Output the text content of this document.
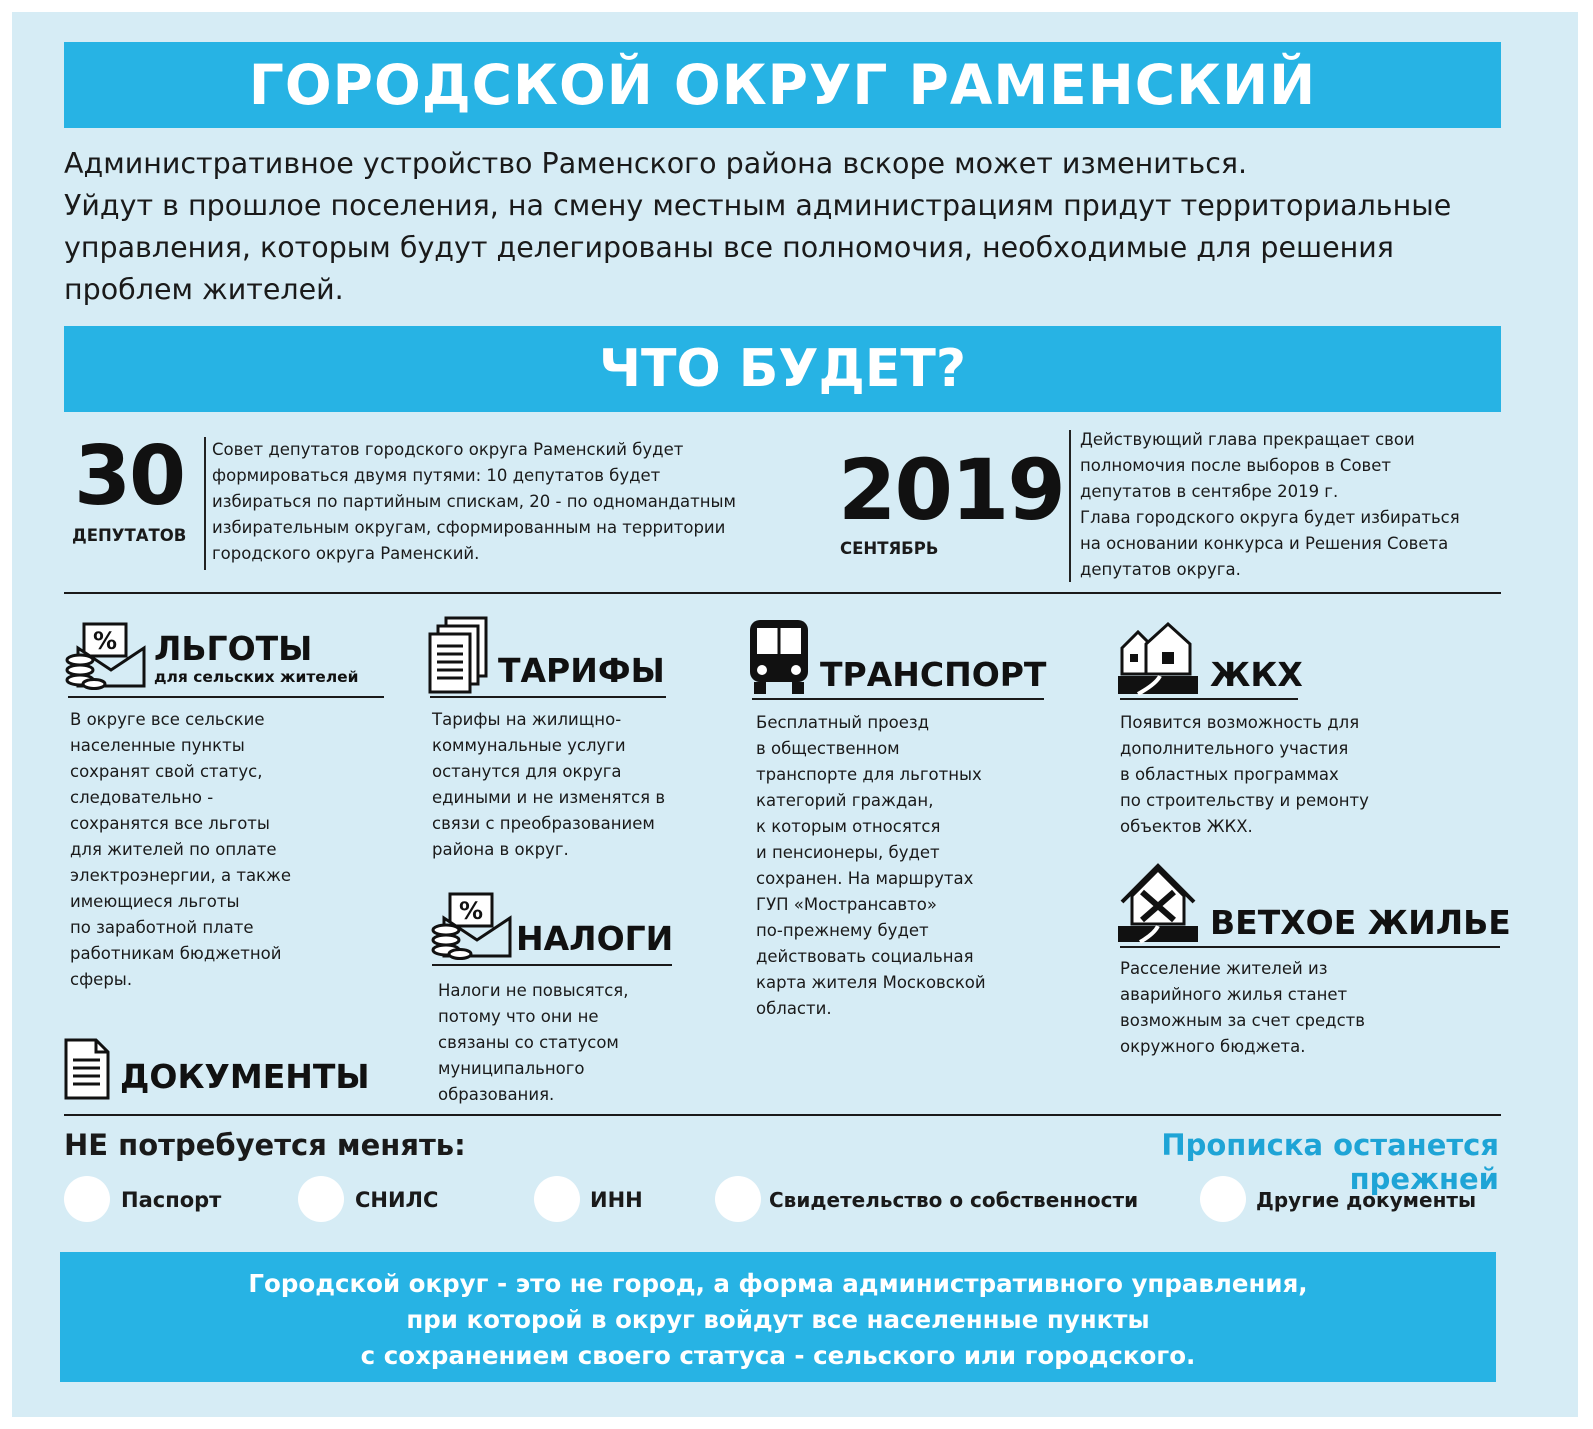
ГОРОДСКОЙ ОКРУГ РАМЕНСКИЙ
Административное устройство Раменского района вскоре может измениться.
Уйдут в прошлое поселения, на смену местным администрациям придут территориальные
управления, которым будут делегированы все полномочия, необходимые для решения
проблем жителей.
ЧТО БУДЕТ?
30
ДЕПУТАТОВ
Совет депутатов городского округа Раменский будет
формироваться двумя путями: 10 депутатов будет
избираться по партийным спискам, 20 - по одномандатным
избирательным округам, сформированным на территории
городского округа Раменский.
2019
СЕНТЯБРЬ
Действующий глава прекращает свои
полномочия после выборов в Совет
депутатов в сентябре 2019 г.
Глава городского округа будет избираться
на основании конкурса и Решения Совета
депутатов округа.
% ЛЬГОТЫ
для сельских жителей
В округе все сельские
населенные пункты
сохранят свой статус,
следовательно -
сохранятся все льготы
для жителей по оплате
электроэнергии, а также
имеющиеся льготы
по заработной плате
работникам бюджетной
сферы.
ТАРИФЫ
Тарифы на жилищно-
коммунальные услуги
останутся для округа
едиными и не изменятся в
связи с преобразованием
района в округ.
%
НАЛОГИ
Налоги не повысятся,
потому что они не
связаны со статусом
муниципального
образования.
ТРАНСПОРТ
Бесплатный проезд
в общественном
транспорте для льготных
категорий граждан,
к которым относятся
и пенсионеры, будет
сохранен. На маршрутах
ГУП «Мострансавто»
по-прежнему будет
действовать социальная
карта жителя Московской
области.
ЖКХ
Появится возможность для
дополнительного участия
в областных программах
по строительству и ремонту
объектов ЖКХ.
ВЕТХОЕ ЖИЛЬЕ
Расселение жителей из
аварийного жилья станет
возможным за счет средств
окружного бюджета.
ДОКУМЕНТЫ
НЕ потребуется менять:	Прописка останется прежней
Паспорт	СНИЛС	ИНН	Свидетельство о собственности	Другие документы
Городской округ - это не город, а форма административного управления,
при которой в округ войдут все населенные пункты
с сохранением своего статуса - сельского или городского.
